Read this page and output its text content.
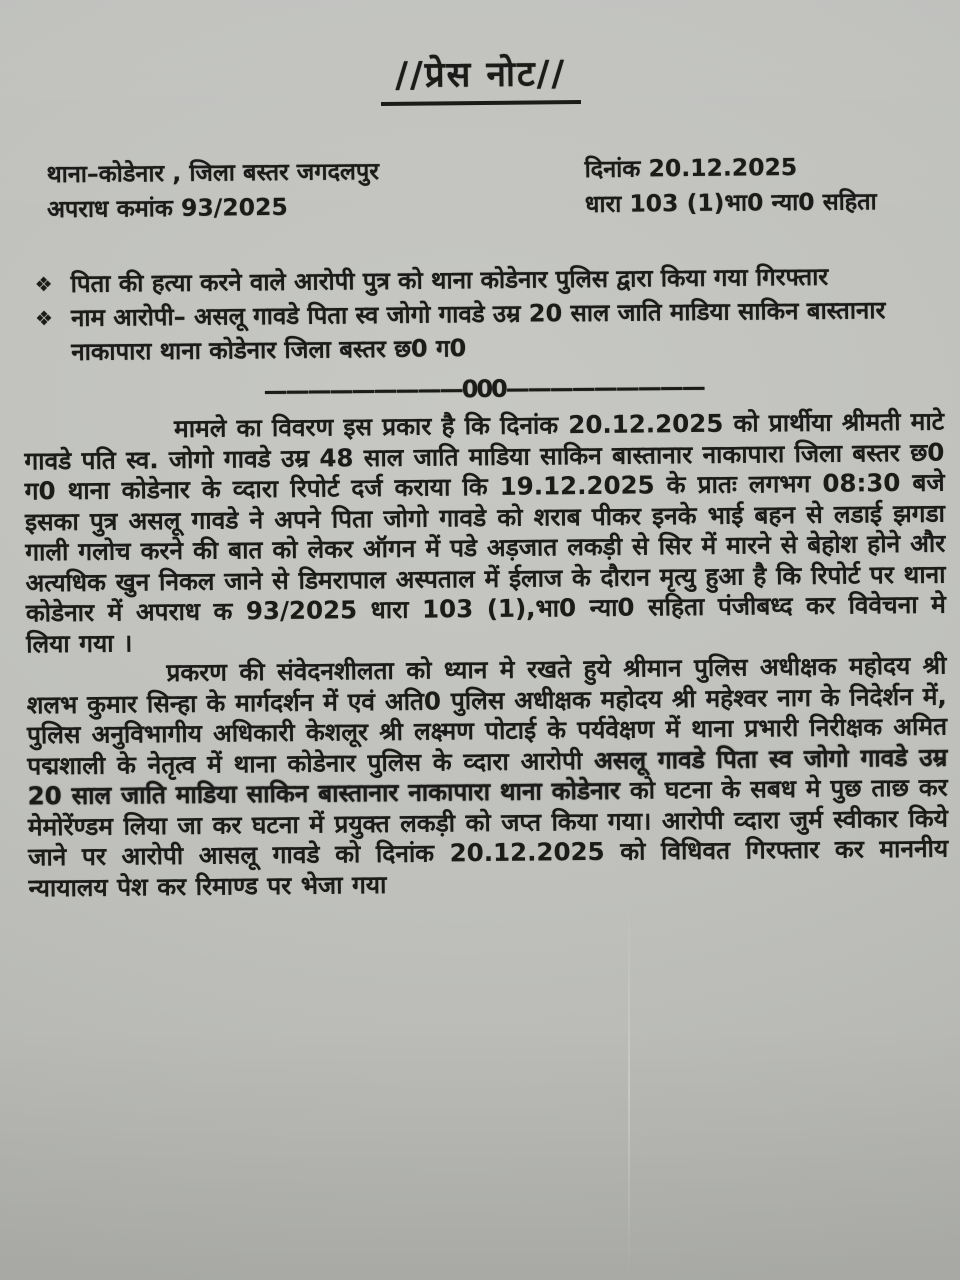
//प्रेस नोट//
थाना–कोडेनार , जिला बस्तर जगदलपुर
अपराध कमांक 93/2025
दिनांक 20.12.2025
धारा 103 (1)भा0 न्या0 सहिता
❖ पिता की हत्या करने वाले आरोपी पुत्र को थाना कोडेनार पुलिस द्वारा किया गया गिरफ्तार
❖ नाम आरोपी– असलू गावडे पिता स्व जोगो गावडे उम्र 20 साल जाति माडिया साकिन बास्तानार नाकापारा थाना कोडेनार जिला बस्तर छ0 ग0
—————————000—————————

मामले का विवरण इस प्रकार है कि दिनांक 20.12.2025 को प्रार्थीया श्रीमती माटे गावडे पति स्व. जोगो गावडे उम्र 48 साल जाति माडिया साकिन बास्तानार नाकापारा जिला बस्तर छ0 ग0 थाना कोडेनार के व्दारा रिपोर्ट दर्ज कराया कि 19.12.2025 के प्रातः लगभग 08:30 बजे इसका पुत्र असलू गावडे ने अपने पिता जोगो गावडे को शराब पीकर इनके भाई बहन से लडाई झगडा गाली गलोच करने की बात को लेकर ऑगन में पडे अड़जात लकड़ी से सिर में मारने से बेहोश होने और अत्यधिक खुन निकल जाने से डिमरापाल अस्पताल में ईलाज के दौरान मृत्यु हुआ है कि रिपोर्ट पर थाना कोडेनार में अपराध क 93/2025 धारा 103 (1),भा0 न्या0 सहिता पंजीबध्द कर विवेचना मे लिया गया ।

प्रकरण की संवेदनशीलता को ध्यान मे रखते हुये श्रीमान पुलिस अधीक्षक महोदय श्री शलभ कुमार सिन्हा के मार्गदर्शन में एवं अति0 पुलिस अधीक्षक महोदय श्री महेश्वर नाग के निदेर्शन में, पुलिस अनुविभागीय अधिकारी केशलूर श्री लक्ष्मण पोटाई के पर्यवेक्षण में थाना प्रभारी निरीक्षक अमित पद्मशाली के नेतृत्व में थाना कोडेनार पुलिस के व्दारा आरोपी असलू गावडे पिता स्व जोगो गावडे उम्र 20 साल जाति माडिया साकिन बास्तानार नाकापारा थाना कोडेनार को घटना के सबध मे पुछ ताछ कर मेमोरेंण्डम लिया जा कर घटना में प्रयुक्त लकड़ी को जप्त किया गया। आरोपी व्दारा जुर्म स्वीकार किये जाने पर आरोपी आसलू गावडे को दिनांक 20.12.2025 को विधिवत गिरफ्तार कर माननीय न्यायालय पेश कर रिमाण्ड पर भेजा गया
